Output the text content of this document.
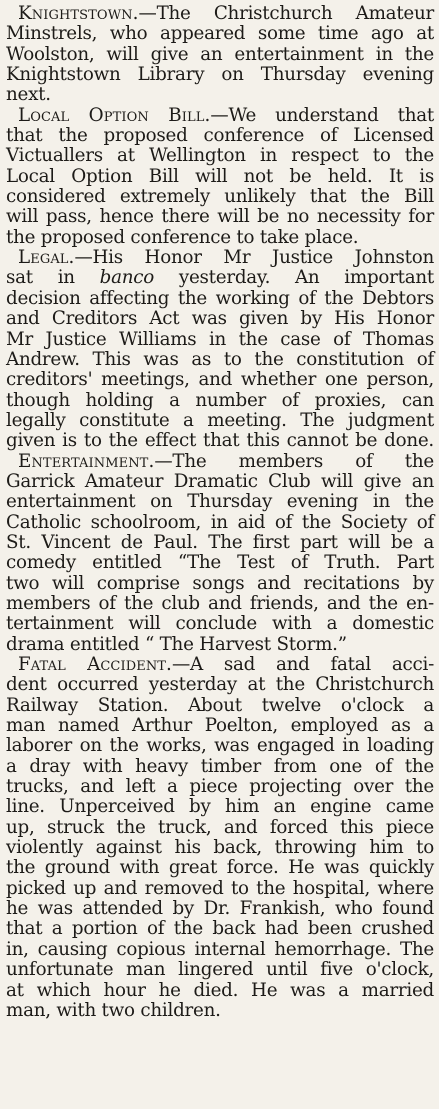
Knightstown.—The Christchurch Amateur
Minstrels, who appeared some time ago at
Woolston, will give an entertainment in the
Knightstown Library on Thursday evening
next.
Local Option Bill.—We understand that
that the proposed conference of Licensed
Victuallers at Wellington in respect to the
Local Option Bill will not be held. It is
considered extremely unlikely that the Bill
will pass, hence there will be no necessity for
the proposed conference to take place.
Legal.—His Honor Mr Justice Johnston
sat in banco yesterday. An important
decision affecting the working of the Debtors
and Creditors Act was given by His Honor
Mr Justice Williams in the case of Thomas
Andrew. This was as to the constitution of
creditors' meetings, and whether one person,
though holding a number of proxies, can
legally constitute a meeting. The judgment
given is to the effect that this cannot be done.
Entertainment.—The members of the
Garrick Amateur Dramatic Club will give an
entertainment on Thursday evening in the
Catholic schoolroom, in aid of the Society of
St. Vincent de Paul. The first part will be a
comedy entitled “The Test of Truth. Part
two will comprise songs and recitations by
members of the club and friends, and the en-
tertainment will conclude with a domestic
drama entitled “ The Harvest Storm.”
Fatal Accident.—A sad and fatal acci-
dent occurred yesterday at the Christchurch
Railway Station. About twelve o'clock a
man named Arthur Poelton, employed as a
laborer on the works, was engaged in loading
a dray with heavy timber from one of the
trucks, and left a piece projecting over the
line. Unperceived by him an engine came
up, struck the truck, and forced this piece
violently against his back, throwing him to
the ground with great force. He was quickly
picked up and removed to the hospital, where
he was attended by Dr. Frankish, who found
that a portion of the back had been crushed
in, causing copious internal hemorrhage. The
unfortunate man lingered until five o'clock,
at which hour he died. He was a married
man, with two children.
